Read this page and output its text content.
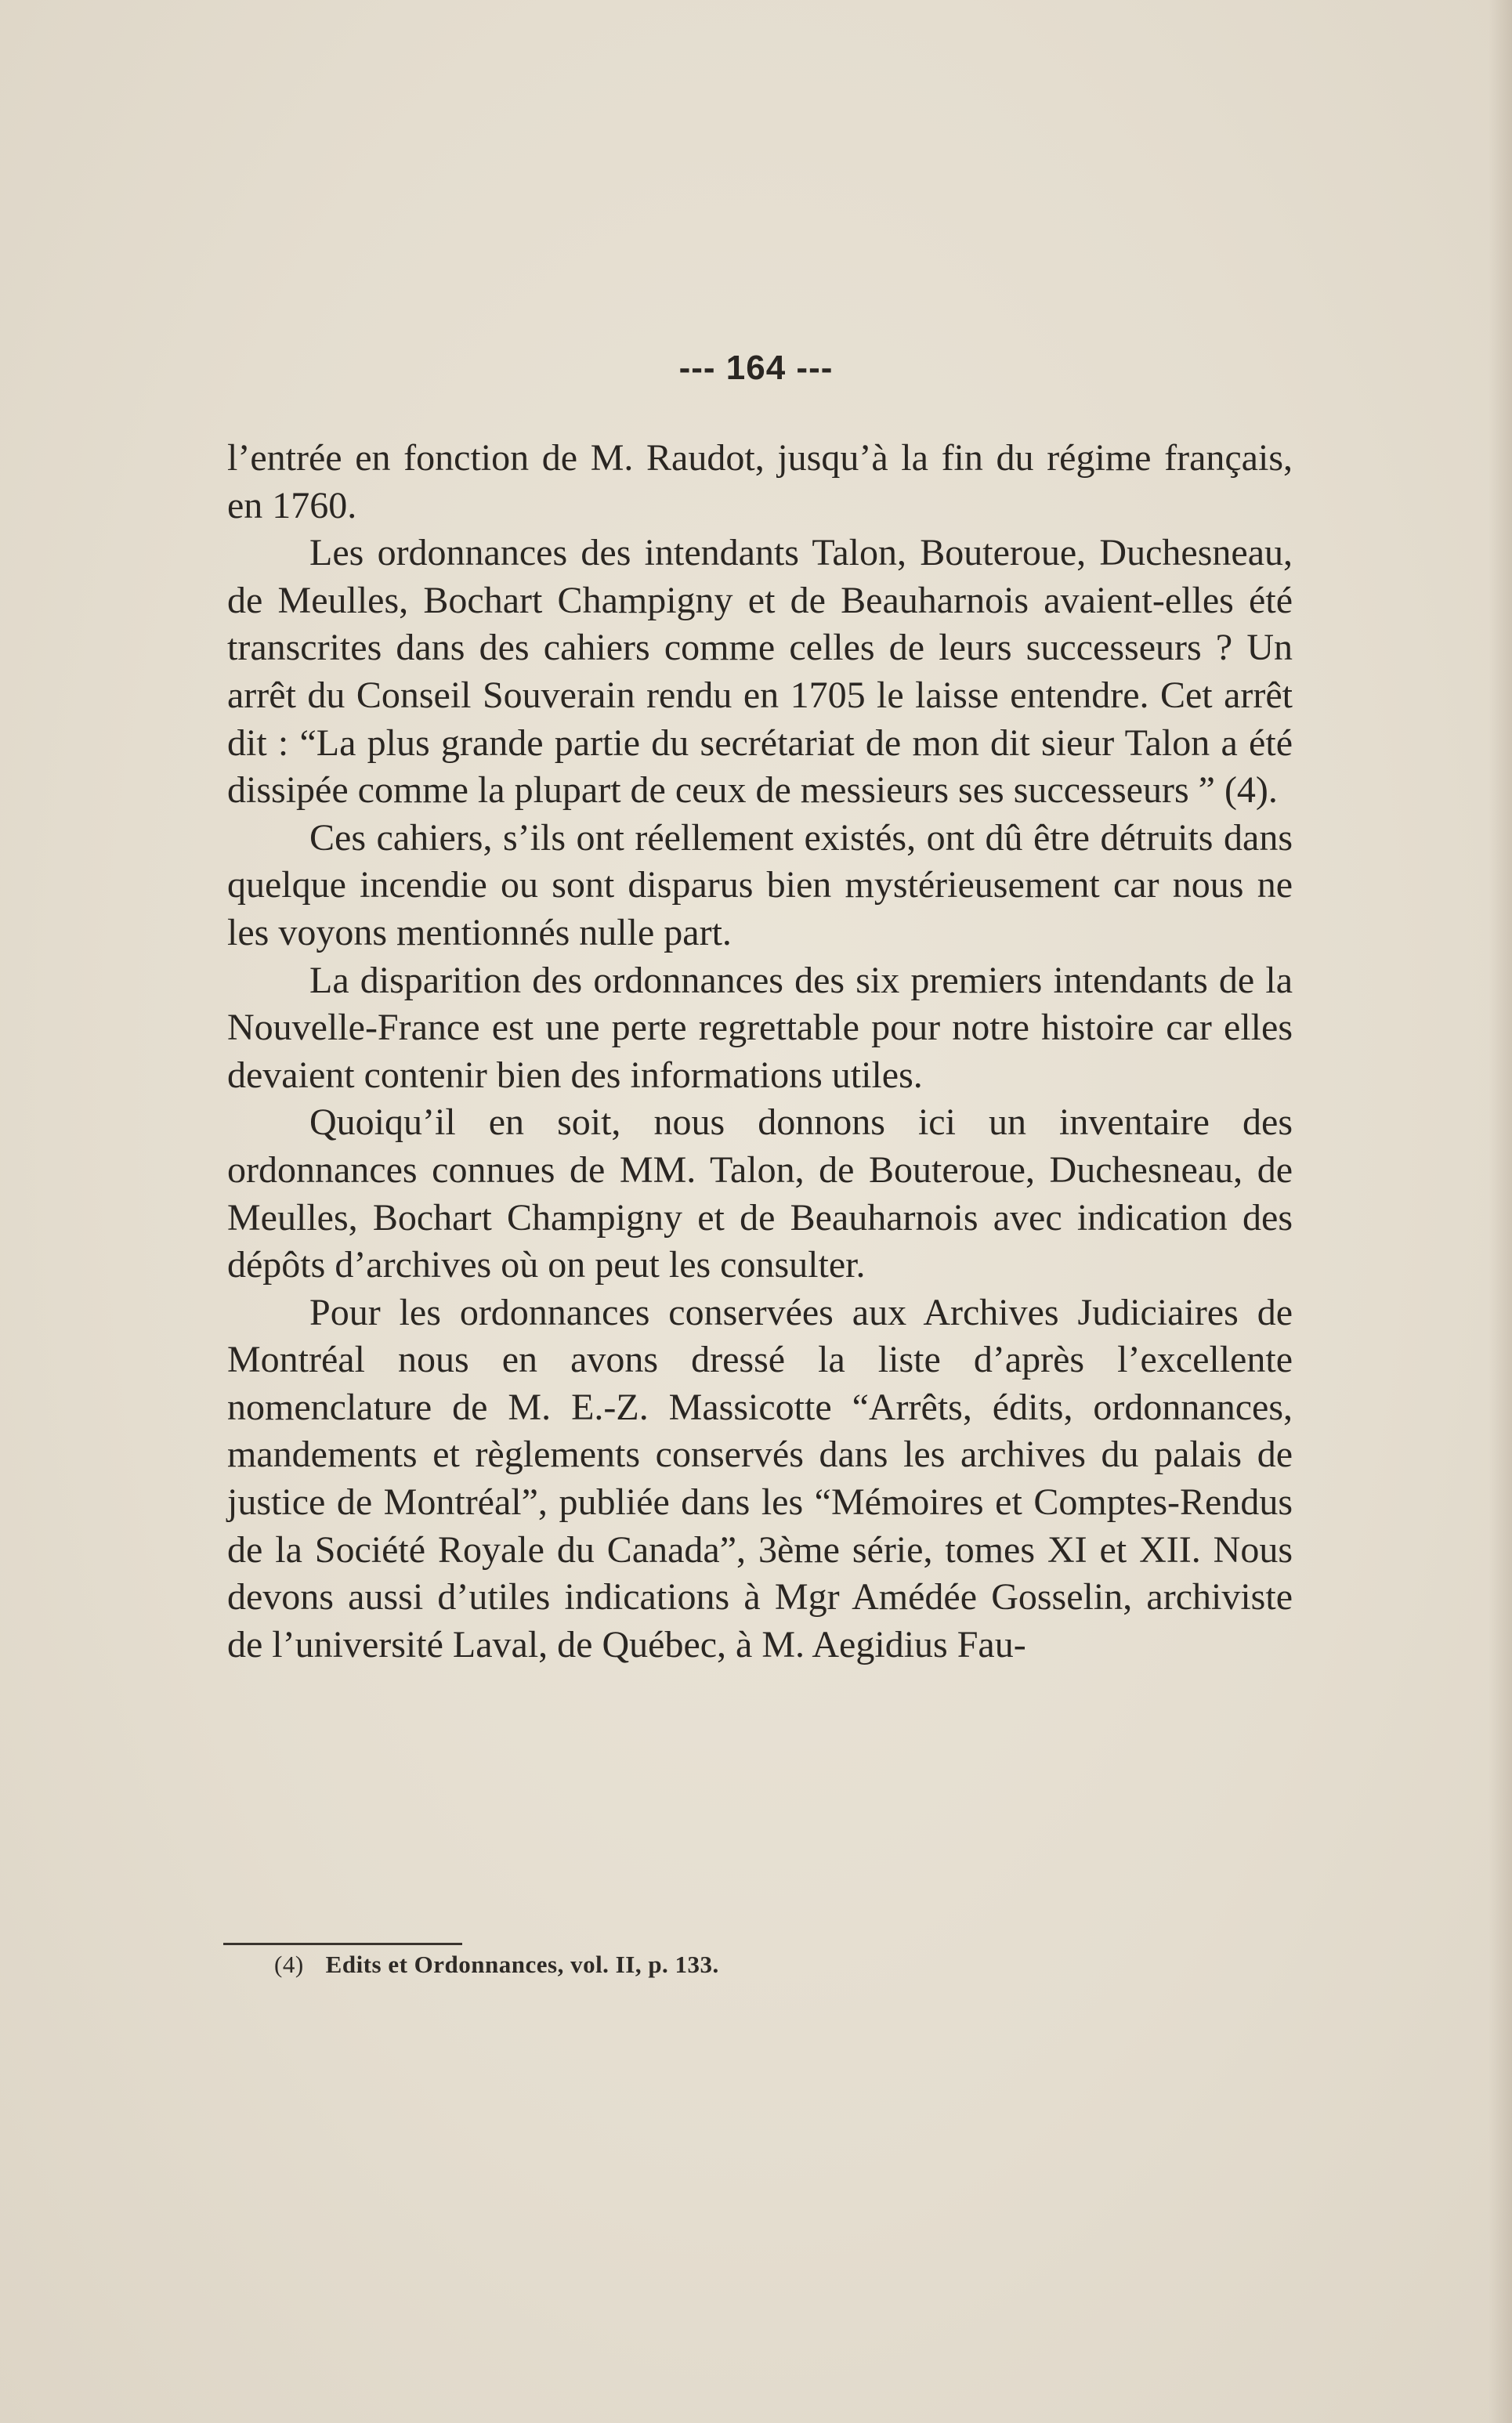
--- 164 ---

l’entrée en fonction de M. Raudot, jusqu’à la fin du régime français, en 1760.

Les ordonnances des intendants Talon, Bouteroue, Duchesneau, de Meulles, Bochart Champigny et de Beauharnois avaient-elles été transcrites dans des cahiers comme celles de leurs successeurs ? Un arrêt du Conseil Souverain rendu en 1705 le laisse entendre. Cet arrêt dit : “La plus grande partie du secrétariat de mon dit sieur Talon a été dissipée comme la plupart de ceux de messieurs ses successeurs ” (4).

Ces cahiers, s’ils ont réellement existés, ont dû être détruits dans quelque incendie ou sont disparus bien mystérieusement car nous ne les voyons mentionnés nulle part.

La disparition des ordonnances des six premiers intendants de la Nouvelle-France est une perte regrettable pour notre histoire car elles devaient contenir bien des informations utiles.

Quoiqu’il en soit, nous donnons ici un inventaire des ordonnances connues de MM. Talon, de Bouteroue, Duchesneau, de Meulles, Bochart Champigny et de Beauharnois avec indication des dépôts d’archives où on peut les consulter.

Pour les ordonnances conservées aux Archives Judiciaires de Montréal nous en avons dressé la liste d’après l’excellente nomenclature de M. E.-Z. Massicotte “Arrêts, édits, ordonnances, mandements et règlements conservés dans les archives du palais de justice de Montréal”, publiée dans les “Mémoires et Comptes-Rendus de la Société Royale du Canada”, 3ème série, tomes XI et XII. Nous devons aussi d’utiles indications à Mgr Amédée Gosselin, archiviste de l’université Laval, de Québec, à M. Aegidius Fau-

(4) Edits et Ordonnances, vol. II, p. 133.
